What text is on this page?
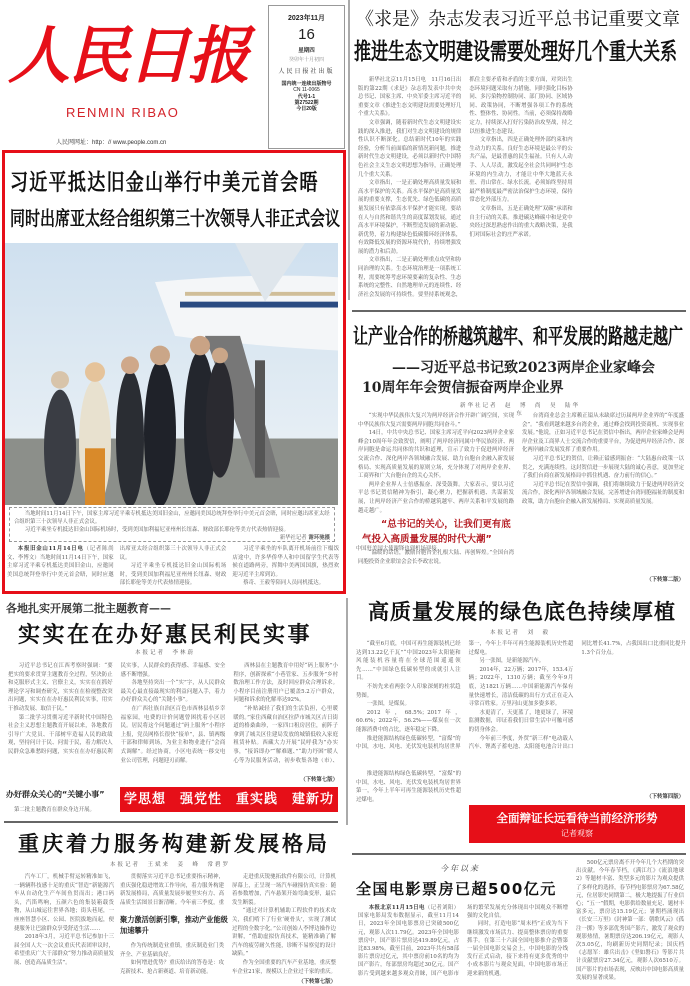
人民日报
RENMIN RIBAO
人民网网址：http：// www.people.com.cn
2023年11月
16
星期四
癸卯年十月初四
人民日报社出版
国内统一连续出版物号
CN 11-0065
代号1-1
第27522期
今日20版
《求是》杂志发表习近平总书记重要文章
推进生态文明建设需要处理好几个重大关系

新华社北京11月15日电　11月16日出版的第22期《求是》杂志将发表中共中央总书记、国家主席、中央军委主席习近平的重要文章《推进生态文明建设需要处理好几个重大关系》。

文章强调，随着新时代生态文明建设实践的深入推进，我们对生态文明建设的规律性认识不断深化。总结新时代10年的实践经验，分析当前面临的新情况新问题，推进新时代生态文明建设，必须以新时代中国特色社会主义生态文明思想为指导，正确处理几个重大关系。

文章指出，一是正确处理高质量发展和高水平保护的关系。高水平保护是高质量发展的重要支撑，生态优先、绿色低碳的高质量发展只有依靠高水平保护才能实现。要站在人与自然和谐共生的高度谋划发展，通过高水平环境保护，不断塑造发展的新动能、新优势，着力构建绿色低碳循环经济体系，有效降低发展的资源环境代价，持续增强发展的潜力和后劲。

文章指出，二是正确处理重点攻坚和协同治理的关系。生态环境治理是一项系统工程，需要统筹考虑环境要素的复杂性、生态系统的完整性、自然地理单元的连续性、经济社会发展的可持续性。要坚持系统观念，抓住主要矛盾和矛盾的主要方面，对突出生态环境问题采取有力措施，同时强化目标协同、多污染物控制协同、部门协同、区域协同、政策协同，不断增强各项工作的系统性、整体性、协同性。当前，必须保持战略定力，持续深入打好污染防治攻坚战，持之以恒推进生态建设。

文章指出，四是正确处理外部约束和内生动力的关系。良好生态环境是最公平的公共产品，是最普惠的民生福祉。只有人人动手、人人尽责，激发起全社会共同呵护生态环境的内生动力，才能让中华大地蓝天永驻、青山常在、绿水长流。必须始终坚持用最严格制度最严密法治保护生态环境，保持常态化外部压力。

文章指出，五是正确处理“双碳”承诺和自主行动的关系。推进碳达峰碳中和是党中央经过深思熟虑作出的重大战略决策，是我们对国际社会的庄严承诺。

习近平抵达旧金山举行中美元首会晤
同时出席亚太经合组织第三十次领导人非正式会议

当地时间11月14日下午，国家主席习近平乘专机抵达美国旧金山，应邀同美国总统拜登举行中美元首会晤，同时应邀出席亚太经合组织第三十次领导人非正式会议。

习近平乘坐专机抵达旧金山国际机场时，受到美国加利福尼亚州州长纽森、财政部长耶伦等美方代表热情迎接。

新华社记者 谢环驰摄

本报旧金山11月14日电（记者陈尚文、李博文）当地时间11月14日下午，国家主席习近平乘专机抵达美国旧金山，应邀同美国总统拜登举行中美元首会晤，同时应邀出席亚太经合组织第三十次领导人非正式会议。

习近平乘坐专机抵达旧金山国际机场时，受到美国加利福尼亚州州长纽森、财政部长耶伦等美方代表热情迎接。

习近平乘坐的车队离开机场前往下榻饭店途中，许多华侨华人和中国留学生代表等候在道路两旁，挥舞中美两国国旗，热烈欢迎习近平主席到访。

蔡奇、王毅等陪同人员同机抵达。

中国驻美国大使谢锋也到机场迎接。

让产业合作的桥越筑越牢、和平发展的路越走越广
——习近平总书记致2023两岸企业家峰会
10周年年会贺信振奋两岸企业界
新华社记者　赵　博　尚　昊　陆华东

“实现中华民族伟大复兴为两岸经济合作开辟广阔空间，实现中华民族伟大复兴需要两岸同胞共同奋斗。”

14日，中共中央总书记、国家主席习近平向2023两岸企业家峰会10周年年会致贺信，阐明了两岸经济同属中华民族经济、两岸同胞是命运共同体的共识和道理，宣示了致力于促进两岸经济交流合作、深化两岸各领域融合发展、助力台胞台企融入新发展格局、实现高质量发展的原则立场，充分体现了对两岸企业界、工商界和广大台胞台企的关心关怀。

两岸企业界人士倍感振奋、深受鼓舞。大家表示，要以习近平总书记贺信精神为指引，凝心聚力，把握新机遇、共谋新发展，让两岸经济产业合作的桥越筑越牢、两岸关系和平发展的路越走越广。

“总书记的关心，让我们更有底气投入高质量发展的时代大潮”

“温暖的话语，激励台胞台企扎根大陆、再创辉煌。”全国台湾同胞投资企业联谊会会长李政宏说。

台湾商业总会主席赖正镒从未缺席过历届两岸企业界的“年度盛会”。“我看到越来越多台湾企业，通过峰会找到投资商机、实现事业发展。”他说，正如习近平总书记在贺信中指出，两岸企业家峰会是两岸企业及工商界人士交流合作的重要平台，为促进两岸经济合作、深化两岸融合发展发挥了重要作用。

习近平总书记的贺信，让赖正镒感到振奋：“大陆惠台政策一以贯之，充满连续性。这封贺信进一步展现大陆的诚心善意，更加坚定了我们台商在新发展格局中抓住机遇、奋力前行的信心。”

习近平总书记在贺信中强调，我们将继续致力于促进两岸经济交流合作，深化两岸各领域融合发展，完善增进台湾同胞福祉的制度和政策，助力台胞台企融入新发展格局、实现高质量发展。

（下转第二版）
各地扎实开展第二批主题教育——
实实在在办好惠民利民实事
本报记者　李林蔚

习近平总书记在江西考察时强调：“要把实的要求贯穿主题教育全过程，坚决防止和克服形式主义、官僚主义，实实在在抓好理论学习和调查研究，实实在在检视整改突出问题，实实在在办好惠民利民实事，用实干推动发展、取信于民。”

第二批学习贯彻习近平新时代中国特色社会主义思想主题教育开展以来，各地教育引导广大党员、干部树牢造福人民的政绩观，坚持问计于民、问需于民，着力解决人民群众急难愁盼问题，实实在在办好惠民利民实事，人民群众的获得感、幸福感、安全感不断增强。

各地坚持突出一个“实”字，从人民群众最关心最直接最现实的利益问题入手，着力办好群众关心的“关键小事”。

在广西壮族自治区百色市西林县桔乡幸福家园，电费的计价问题曾困扰着小区居民。居民将这个问题通过“码上服务”小程序上报，党员网格长很快“接单”，县、镇两级干部和律师到场，为业主和物业进行“会商式调解”。经过协商，小区电表统一移交电业公司管理，问题迎刃而解。

西林县在主题教育中用好“码上服务”小程序，创新探索“小巷管家、五步服务”乡村数治理工作方法，及时回应群众合理诉求。小程序目前注册用户已覆盖5.2万户群众，问题和诉求的化解率达92%。

“补贴减轻了我们的生活负担，心里暖暖的。”家住西藏自治区拉萨市城关区吉日街道的格桑曲珍，一家四口租房居住，前阵子拿到了城关区住建局发放的城镇低收入家庭租赁补贴。西藏大力开展“民呼我为”办实事，“接诉即办”“解难题、”“助力纾困”暖人心等为民服务活动，初步收集各地（市）、

（下转第七版）
办好群众关心的“关键小事”
第二批主题教育在群众身边开展。
学思想　强党性　重实践　建新功
高质量发展的绿色底色持续厚植
本报记者　刘　毅

“截至6月底，中国可再生能源装机已经达到13.22亿千瓦”“中国2023年太阳能和风能装机容量将在全球范围遥遥领先……”中国绿色低碳转型的成就引人注目。

不妨先来看两张令人印象深刻的柱状趋势图。

一张图，是煤炭。

2012年，68.5%；2017年，60.6%；2022年，56.2%——煤炭在一次能源消费中的占比，逐年稳定下降。

推进能源结构绿色低碳转型，“富煤”的中国，水电、风电、光伏发电装机均居世界第一，今年上半年可再生能源装机历史性超过煤电。

另一张图，是新能源汽车。

2014年，22万辆；2017年，153.4万辆；2022年，1310万辆；截至今年9月底，达1821万辆……中国新能源汽车保有量快速增长，清洁低碳的出行方式正在走入寻常百姓家。万里河山更加多姿多彩。

水更清了，天更蓝了，地更绿了，环境监测数据，印证着我们日常生活中可触可感的切身体会。

今年前三季度，外贸“新三样”电动载人汽车、锂离子蓄电池、太阳能电池合计出口同比增长41.7%，占我国出口比重同比提升1.3个百分点。

推进能源结构绿色低碳转型，“富煤”的中国，水电、风电、光伏发电装机均居世界第一，今年上半年可再生能源装机历史性超过煤电。	（下转第四版）
全面辩证长远看待当前经济形势
记者观察
重庆着力服务构建新发展格局
本报记者　王斌来　姜　峰　常碧罗

汽车工厂，机械手臂运转精准如飞，一辆辆科技感十足的重庆“智造”新能源汽车从自动化生产车间鱼贯而出；港口码头，汽笛鸣响，五颜六色的集装箱载货物，从山城运往世界各地；街头巷尾，一座座智慧小区、公园、医院拔地而起，便捷服务让巴渝群众享受舒适生活……

2018年3月，习近平总书记参加十三届全国人大一次会议重庆代表团审议时，希望重庆广大干部群众“努力推动高质量发展、创造高品质生活”。

贯彻落实习近平总书记重要指示精神，重庆强化稳进增效工作导向，着力服务构建新发展格局，高质量发展步履坚实有力、高品质生活图景日渐清晰。今年前三季度，重

聚力激活创新引擎，推动产业能级加速攀升

作为传统制造业重镇，重庆制造业门类齐全、产业基础良好。

如何增进优势？重庆给出的答卷是：攻克新技术、抢占新赛道、培育新动能。

走进重庆锐驰拓软件有限公司，计算机屏幕上，正呈现一场汽车碰撞仿真实验：随着参数增加，汽车悬架开始弯曲变形，最后发生断裂。

“通过对计算机辅助工程软件的技术攻关，我们啃下了行业‘硬骨头’，实现了测试过程的全数字化。”公司创始人李博边操作边讲解，“借助虚拟仿真技术，能精准确了解汽车的疲劳耐久性能，诊断不易察觉的设计缺陷。”

作为全国重要的汽车产业基地，重庆整车企业21家，规模以上企业过千家的重庆。

（下转第七版）
今年以来
全国电影票房已超500亿元

本报北京11月15日电（记者刘阳）国家电影局发布数据显示，截至11月14日，2023年全国电影票房已突破500亿元，观影人次11.79亿。2023年全国电影票房中，国产影片票房达419.89亿元，占比83.98%。截至目前，2023年共有58部影片票房过亿元，其中票房前10名的均为国产影片，每部票房均超过30亿元。国产影片受到越来越多观众青睐，国产电影市场的繁荣发展充分体现出中国观众不断增强的文化自信。

同时，打造电影“周末档”正成为当下继续激发市场活力、提高整体票房的重要抓手。在第三十六届全国电影推介会暨第一届全国电影交易会上，中国电影的分线发行正式启动，接下来将有更多优秀的中小成本影片与观众见面，中国电影市场正迎来新的机遇。

500亿元票房离不开今年几个大档期的突出贡献。今年春节档，《满江红》《流浪地球2》等题材丰富、类型多元的影片为观众提供了多样化的选择，春节档电影票房为67.58亿元，位居影史同期第二，极大地提振了行业信心；“五一”假期，电影供给数量充足、题材丰富多元，票房达15.19亿元；暑期档涌现出《长安三万里》《封神第一部：朝歌风云》《孤注一掷》等多部优秀国产影片，激发了观众的观影热情，暑期票房达206.19亿元，观影人次5.05亿，均刷新历史同期纪录；国庆档《志愿军：雄兵出击》《坚如磐石》等影片共计贡献票房27.34亿元，观影人次6510万。国产影片的市场表现，反映出中国电影高质量发展的显著成果。
